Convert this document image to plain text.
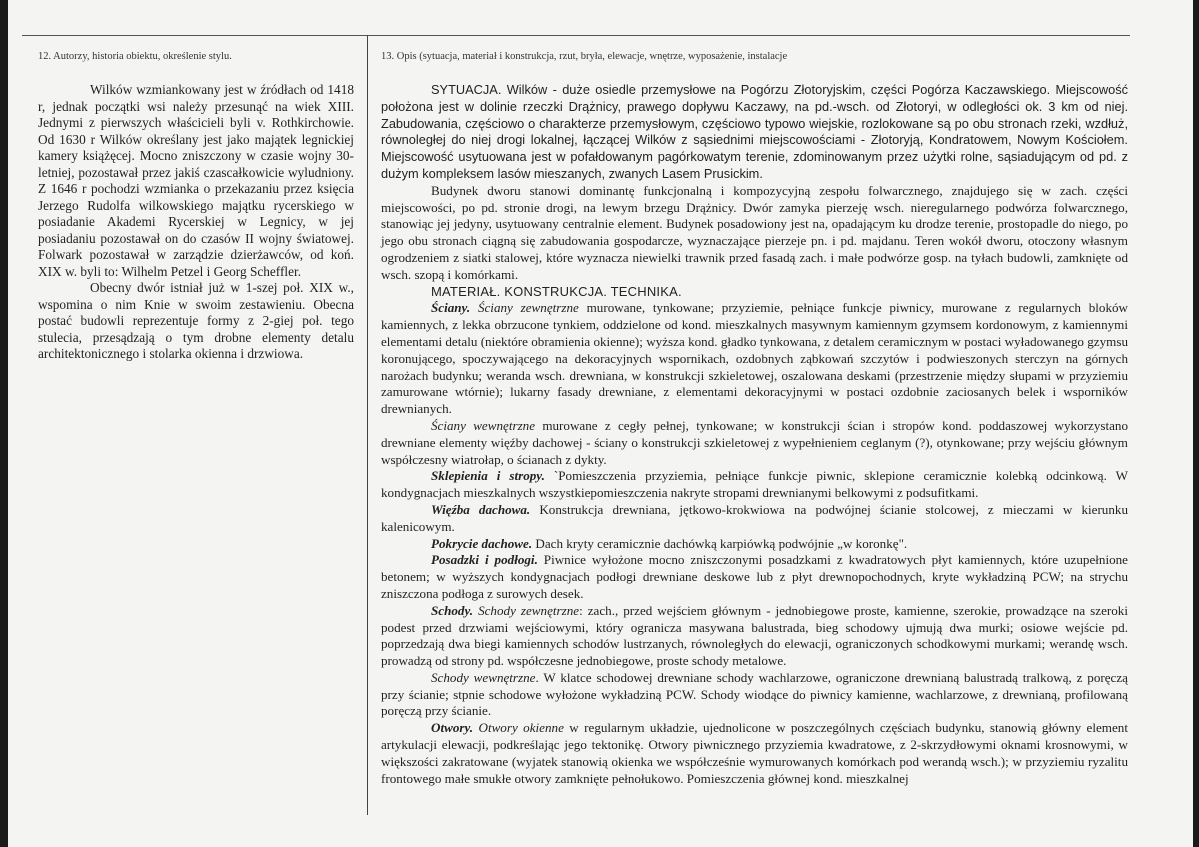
12. Autorzy, historia obiektu, określenie stylu.	13. Opis (sytuacja, materiał i konstrukcja, rzut, bryła, elewacje, wnętrze, wyposażenie, instalacje

Wilków wzmiankowany jest w źródłach od 1418 r, jednak początki wsi należy przesunąć na wiek XIII. Jednymi z pierwszych właścicieli byli v. Rothkirchowie. Od 1630 r Wilków określany jest jako majątek legnickiej kamery książęcej. Mocno zniszczony w czasie wojny 30-letniej, pozostawał przez jakiś czascałkowicie wyludniony. Z 1646 r pochodzi wzmianka o przekazaniu przez księcia Jerzego Rudolfa wilkowskiego majątku rycerskiego w posiadanie Akademi Rycerskiej w Legnicy, w jej posiadaniu pozostawał on do czasów II wojny światowej. Folwark pozostawał w zarządzie dzierżawców, od koń. XIX w. byli to: Wilhelm Petzel i Georg Scheffler.

Obecny dwór istniał już w 1-szej poł. XIX w., wspomina o nim Knie w swoim zestawieniu. Obecna postać budowli reprezentuje formy z 2-giej poł. tego stulecia, przesądzają o tym drobne elementy detalu architektonicznego i stolarka okienna i drzwiowa.

SYTUACJA. Wilków - duże osiedle przemysłowe na Pogórzu Złotoryjskim, części Pogórza Kaczawskiego. Miejscowość położona jest w dolinie rzeczki Drążnicy, prawego dopływu Kaczawy, na pd.-wsch. od Złotoryi, w odległości ok. 3 km od niej. Zabudowania, częściowo o charakterze przemysłowym, częściowo typowo wiejskie, rozlokowane są po obu stronach rzeki, wzdłuż, równoległej do niej drogi lokalnej, łączącej Wilków z sąsiednimi miejscowościami - Złotoryją, Kondratowem, Nowym Kościołem. Miejscowość usytuowana jest w pofałdowanym pagórkowatym terenie, zdominowanym przez użytki rolne, sąsiadującym od pd. z dużym kompleksem lasów mieszanych, zwanych Lasem Prusickim.

Budynek dworu stanowi dominantę funkcjonalną i kompozycyjną zespołu folwarcznego, znajdujego się w zach. części miejscowości, po pd. stronie drogi, na lewym brzegu Drążnicy. Dwór zamyka pierzeję wsch. nieregularnego podwórza folwarcznego, stanowiąc jej jedyny, usytuowany centralnie element. Budynek posadowiony jest na, opadającym ku drodze terenie, prostopadle do niego, po jego obu stronach ciągną się zabudowania gospodarcze, wyznaczające pierzeje pn. i pd. majdanu. Teren wokół dworu, otoczony własnym ogrodzeniem z siatki stalowej, które wyznacza niewielki trawnik przed fasadą zach. i małe podwórze gosp. na tyłach budowli, zamknięte od wsch. szopą i komórkami.

MATERIAŁ. KONSTRUKCJA. TECHNIKA.

Ściany. Ściany zewnętrzne murowane, tynkowane; przyziemie, pełniące funkcje piwnicy, murowane z regularnych bloków kamiennych, z lekka obrzucone tynkiem, oddzielone od kond. mieszkalnych masywnym kamiennym gzymsem kordonowym, z kamiennymi elementami detalu (niektóre obramienia okienne); wyższa kond. gładko tynkowana, z detalem ceramicznym w postaci wyładowanego gzymsu koronującego, spoczywającego na dekoracyjnych wspornikach, ozdobnych ząbkowań szczytów i podwieszonych sterczyn na górnych narożach budynku; weranda wsch. drewniana, w konstrukcji szkieletowej, oszalowana deskami (przestrzenie między słupami w przyziemiu zamurowane wtórnie); lukarny fasady drewniane, z elementami dekoracyjnymi w postaci ozdobnie zaciosanych belek i wsporników drewnianych.

Ściany wewnętrzne murowane z cegły pełnej, tynkowane; w konstrukcji ścian i stropów kond. poddaszowej wykorzystano drewniane elementy więźby dachowej - ściany o konstrukcji szkieletowej z wypełnieniem ceglanym (?), otynkowane; przy wejściu głównym współczesny wiatrołap, o ścianach z dykty.

Sklepienia i stropy. `Pomieszczenia przyziemia, pełniące funkcje piwnic, sklepione ceramicznie kolebką odcinkową. W kondygnacjach mieszkalnych wszystkiepomieszczenia nakryte stropami drewnianymi belkowymi z podsufitkami.

Więźba dachowa. Konstrukcja drewniana, jętkowo-krokwiowa na podwójnej ścianie stolcowej, z mieczami w kierunku kalenicowym.

Pokrycie dachowe. Dach kryty ceramicznie dachówką karpiówką podwójnie „w koronkę".

Posadzki i podłogi. Piwnice wyłożone mocno zniszczonymi posadzkami z kwadratowych płyt kamiennych, które uzupełnione betonem; w wyższych kondygnacjach podłogi drewniane deskowe lub z płyt drewnopochodnych, kryte wykładziną PCW; na strychu zniszczona podłoga z surowych desek.

Schody. Schody zewnętrzne: zach., przed wejściem głównym - jednobiegowe proste, kamienne, szerokie, prowadzące na szeroki podest przed drzwiami wejściowymi, który ogranicza masywana balustrada, bieg schodowy ujmują dwa murki; osiowe wejście pd. poprzedzają dwa biegi kamiennych schodów lustrzanych, równoległych do elewacji, ograniczonych schodkowymi murkami; werandę wsch. prowadzą od strony pd. współczesne jednobiegowe, proste schody metalowe.

Schody wewnętrzne. W klatce schodowej drewniane schody wachlarzowe, ograniczone drewnianą balustradą tralkową, z poręczą przy ścianie; stpnie schodowe wyłożone wykładziną PCW. Schody wiodące do piwnicy kamienne, wachlarzowe, z drewnianą, profilowaną poręczą przy ścianie.

Otwory. Otwory okienne w regularnym układzie, ujednolicone w poszczególnych częściach budynku, stanowią główny element artykulacji elewacji, podkreślając jego tektonikę. Otwory piwnicznego przyziemia kwadratowe, z 2-skrzydłowymi oknami krosnowymi, w większości zakratowane (wyjatek stanowią okienka we współcześnie wymurowanych komórkach pod werandą wsch.); w przyziemiu ryzalitu frontowego małe smukłe otwory zamknięte pełnołukowo. Pomieszczenia głównej kond. mieszkalnej
